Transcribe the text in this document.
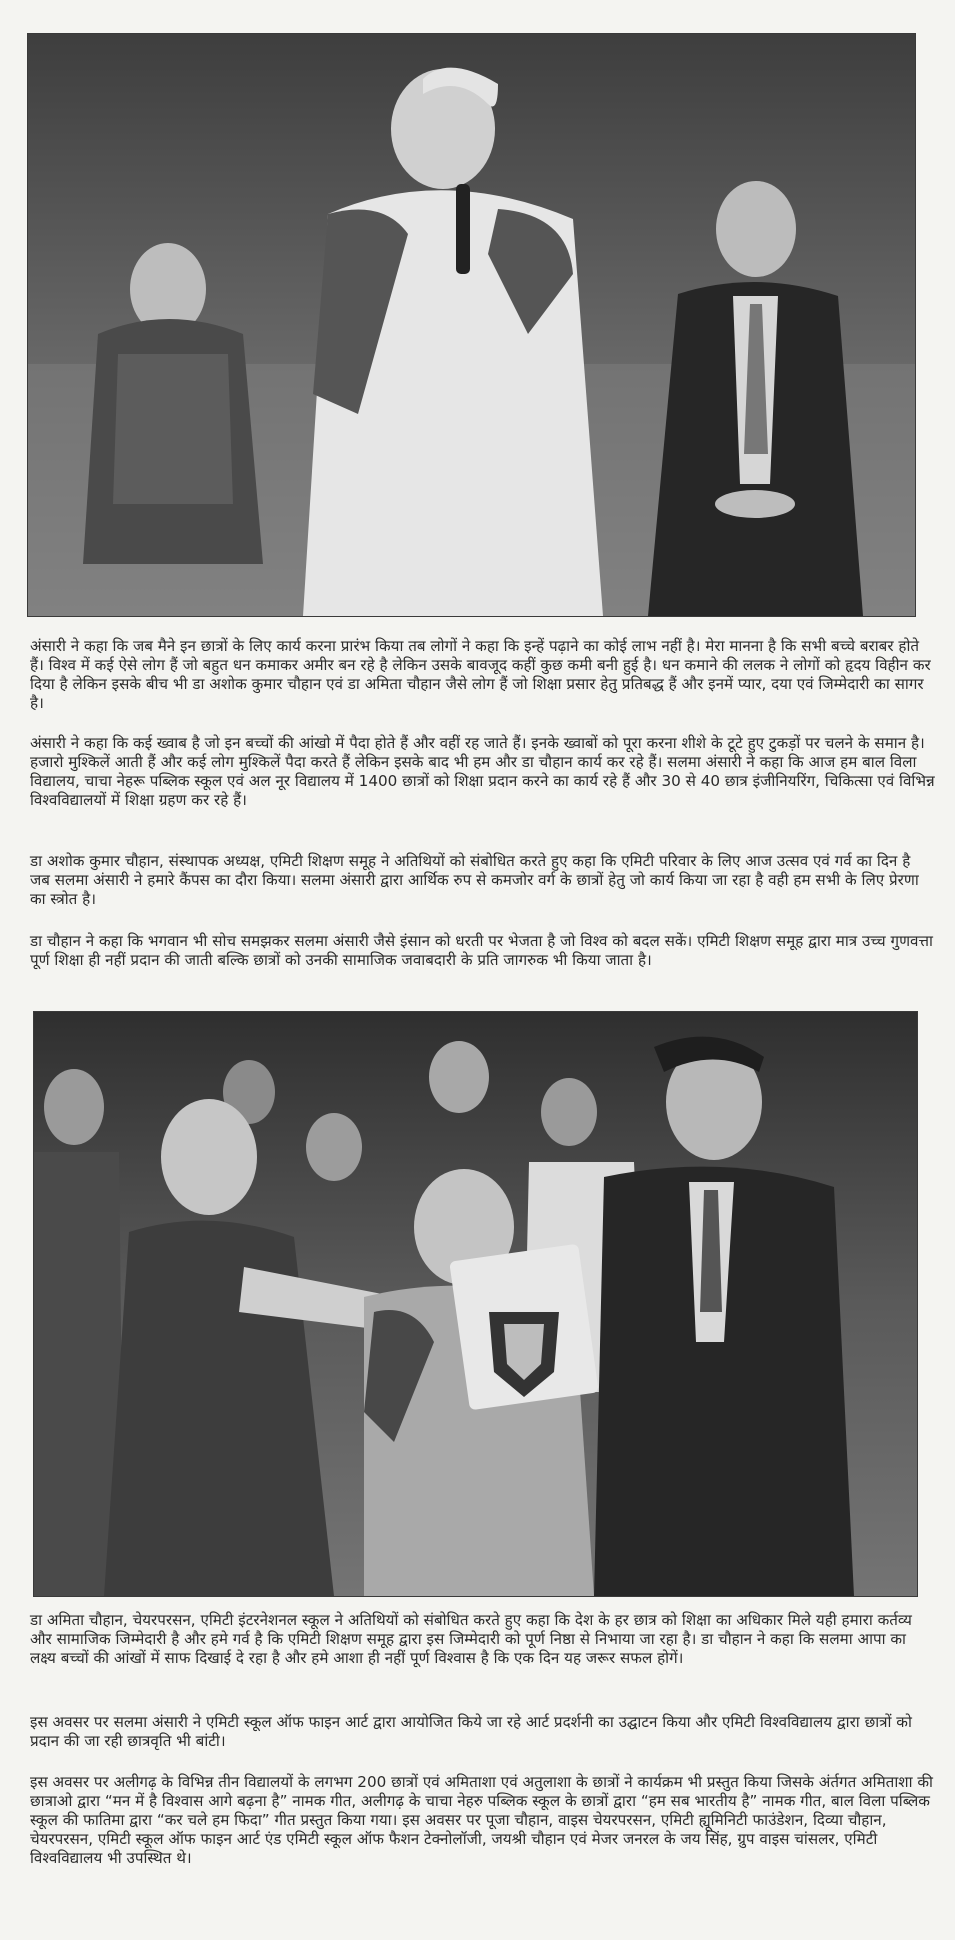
अंसारी ने कहा कि जब मैने इन छात्रों के लिए कार्य करना प्रारंभ किया तब लोगों ने कहा कि इन्हें पढ़ाने का कोई लाभ नहीं है। मेरा मानना है कि सभी बच्चे बराबर होते हैं। विश्व में कई ऐसे लोग हैं जो बहुत धन कमाकर अमीर बन रहे है लेकिन उसके बावजूद कहीं कुछ कमी बनी हुई है। धन कमाने की ललक ने लोगों को हृदय विहीन कर दिया है लेकिन इसके बीच भी डा अशोक कुमार चौहान एवं डा अमिता चौहान जैसे लोग हैं जो शिक्षा प्रसार हेतु प्रतिबद्ध हैं और इनमें प्यार, दया एवं जिम्मेदारी का सागर है।

अंसारी ने कहा कि कई ख्वाब है जो इन बच्चों की आंखो में पैदा होते हैं और वहीं रह जाते हैं। इनके ख्वाबों को पूरा करना शीशे के टूटे हुए टुकड़ों पर चलने के समान है। हजारो मुश्किलें आती हैं और कई लोग मुश्किलें पैदा करते हैं लेकिन इसके बाद भी हम और डा चौहान कार्य कर रहे हैं। सलमा अंसारी ने कहा कि आज हम बाल विला विद्यालय, चाचा नेहरू पब्लिक स्कूल एवं अल नूर विद्यालय में 1400 छात्रों को शिक्षा प्रदान करने का कार्य रहे हैं और 30 से 40 छात्र इंजीनियरिंग, चिकित्सा एवं विभिन्न विश्वविद्यालयों में शिक्षा ग्रहण कर रहे हैं।

डा अशोक कुमार चौहान, संस्थापक अध्यक्ष, एमिटी शिक्षण समूह ने अतिथियों को संबोधित करते हुए कहा कि एमिटी परिवार के लिए आज उत्सव एवं गर्व का दिन है जब सलमा अंसारी ने हमारे कैंपस का दौरा किया। सलमा अंसारी द्वारा आर्थिक रुप से कमजोर वर्ग के छात्रों हेतु जो कार्य किया जा रहा है वही हम सभी के लिए प्रेरणा का स्त्रोत है।

डा चौहान ने कहा कि भगवान भी सोच समझकर सलमा अंसारी जैसे इंसान को धरती पर भेजता है जो विश्व को बदल सकें। एमिटी शिक्षण समूह द्वारा मात्र उच्च गुणवत्ता पूर्ण शिक्षा ही नहीं प्रदान की जाती बल्कि छात्रों को उनकी सामाजिक जवाबदारी के प्रति जागरुक भी किया जाता है।

डा अमिता चौहान, चेयरपरसन, एमिटी इंटरनेशनल स्कूल ने अतिथियों को संबोधित करते हुए कहा कि देश के हर छात्र को शिक्षा का अधिकार मिले यही हमारा कर्तव्य और सामाजिक जिम्मेदारी है और हमे गर्व है कि एमिटी शिक्षण समूह द्वारा इस जिम्मेदारी को पूर्ण निष्ठा से निभाया जा रहा है। डा चौहान ने कहा कि सलमा आपा का लक्ष्य बच्चों की आंखों में साफ दिखाई दे रहा है और हमे आशा ही नहीं पूर्ण विश्वास है कि एक दिन यह जरूर सफल होगें।

इस अवसर पर सलमा अंसारी ने एमिटी स्कूल ऑफ फाइन आर्ट द्वारा आयोजित किये जा रहे आर्ट प्रदर्शनी का उद्घाटन किया और एमिटी विश्वविद्यालय द्वारा छात्रों को प्रदान की जा रही छात्रवृति भी बांटी।

इस अवसर पर अलीगढ़ के विभिन्न तीन विद्यालयों के लगभग 200 छात्रों एवं अमिताशा एवं अतुलाशा के छात्रों ने कार्यक्रम भी प्रस्तुत किया जिसके अंर्तगत अमिताशा की छात्राओ द्वारा “मन में है विश्वास आगे बढ़ना है” नामक गीत, अलीगढ़ के चाचा नेहरु पब्लिक स्कूल के छात्रों द्वारा “हम सब भारतीय है” नामक गीत, बाल विला पब्लिक स्कूल की फातिमा द्वारा “कर चले हम फिदा” गीत प्रस्तुत किया गया। इस अवसर पर पूजा चौहान, वाइस चेयरपरसन, एमिटी ह्यूमिनिटी फाउंडेशन, दिव्या चौहान, चेयरपरसन, एमिटी स्कूल ऑफ फाइन आर्ट एंड एमिटी स्कूल ऑफ फैशन टेक्नोलॉजी, जयश्री चौहान एवं मेजर जनरल के जय सिंह, ग्रुप वाइस चांसलर, एमिटी विश्वविद्यालय भी उपस्थित थे।
